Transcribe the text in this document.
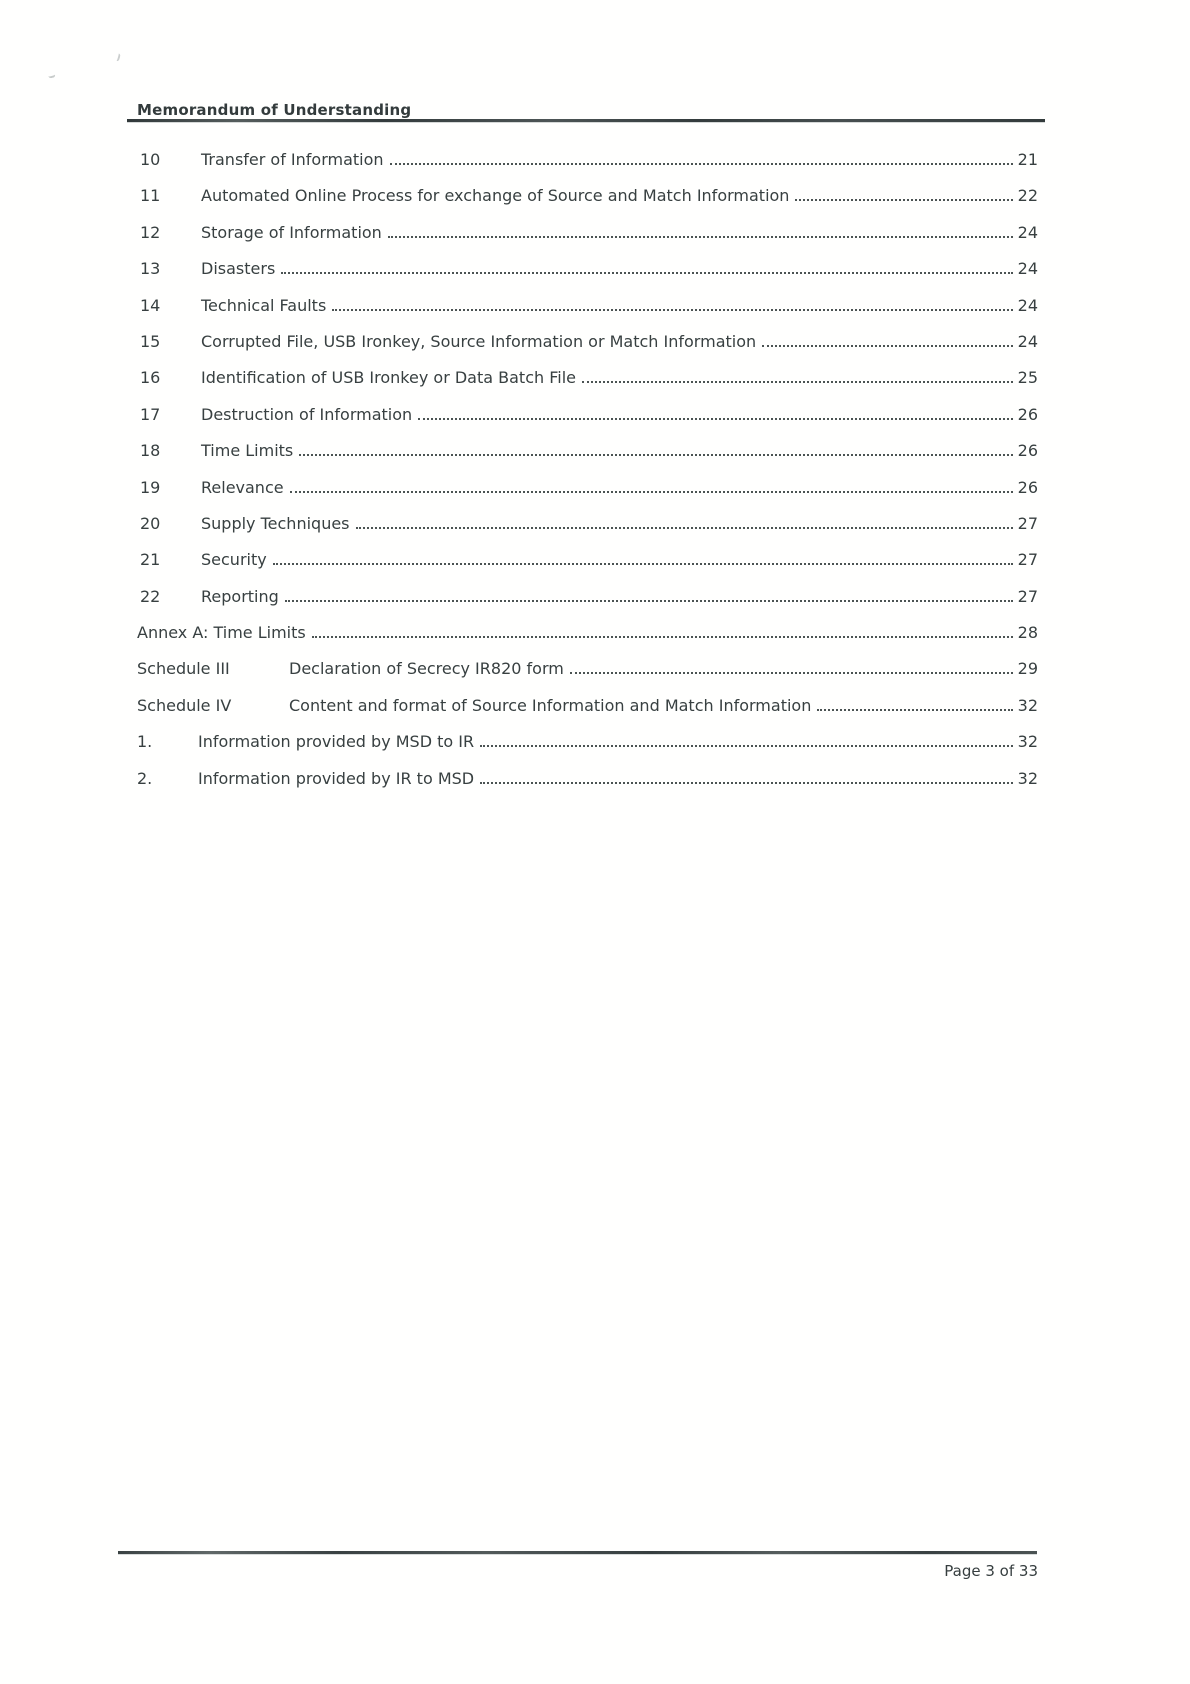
Memorandum of Understanding
10	Transfer of Information	21
11	Automated Online Process for exchange of Source and Match Information	22
12	Storage of Information	24
13	Disasters	24
14	Technical Faults	24
15	Corrupted File, USB Ironkey, Source Information or Match Information	24
16	Identification of USB Ironkey or Data Batch File	25
17	Destruction of Information	26
18	Time Limits	26
19	Relevance	26
20	Supply Techniques	27
21	Security	27
22	Reporting	27
Annex A: Time Limits	28
Schedule III	Declaration of Secrecy IR820 form	29
Schedule IV	Content and format of Source Information and Match Information	32
1.	Information provided by MSD to IR	32
2.	Information provided by IR to MSD	32
Page 3 of 33
